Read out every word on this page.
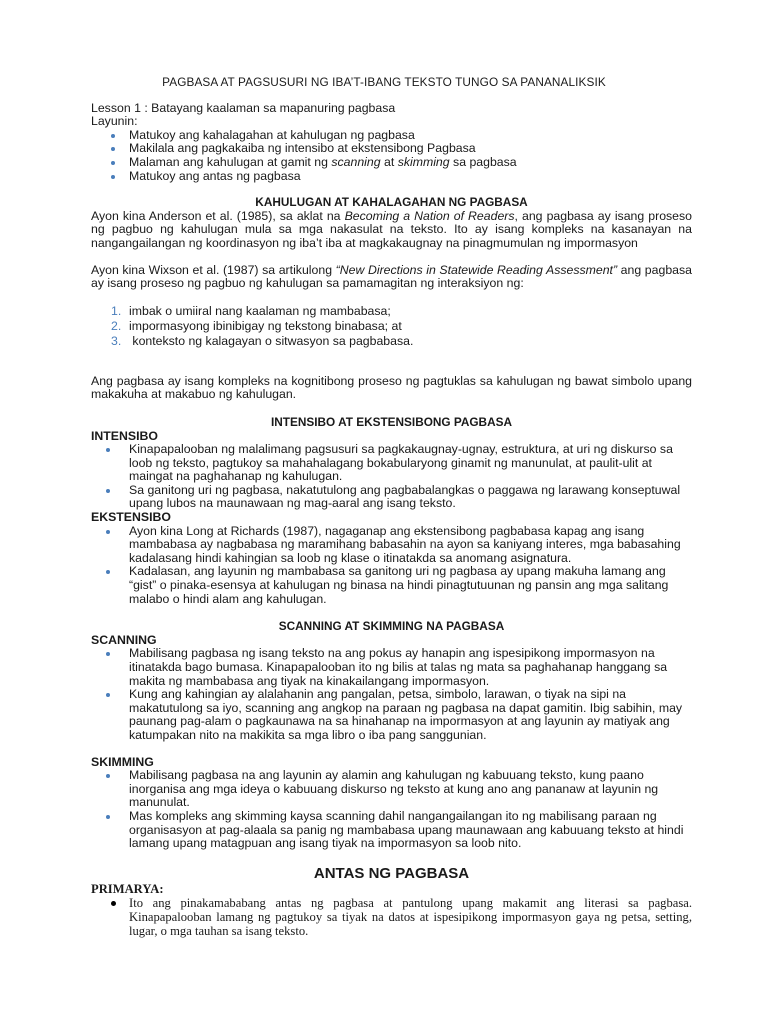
PAGBASA AT PAGSUSURI NG IBA’T-IBANG TEKSTO TUNGO SA PANANALIKSIK

Lesson 1 : Batayang kaalaman sa mapanuring pagbasa

Layunin:

Matukoy ang kahalagahan at kahulugan ng pagbasa
Makilala ang pagkakaiba ng intensibo at ekstensibong Pagbasa
Malaman ang kahulugan at gamit ng scanning at skimming sa pagbasa
Matukoy ang antas ng pagbasa

KAHULUGAN AT KAHALAGAHAN NG PAGBASA

Ayon kina Anderson et al. (1985), sa aklat na Becoming a Nation of Readers, ang pagbasa ay isang proseso ng pagbuo ng kahulugan mula sa mga nakasulat na teksto. Ito ay isang kompleks na kasanayan na nangangailangan ng koordinasyon ng iba’t iba at magkakaugnay na pinagmumulan ng impormasyon

Ayon kina Wixson et al. (1987) sa artikulong “New Directions in Statewide Reading Assessment” ang pagbasa ay isang proseso ng pagbuo ng kahulugan sa pamamagitan ng interaksiyon ng:

1. imbak o umiiral nang kaalaman ng mambabasa;
2. impormasyong ibinibigay ng tekstong binabasa; at
3. konteksto ng kalagayan o sitwasyon sa pagbabasa.

Ang pagbasa ay isang kompleks na kognitibong proseso ng pagtuklas sa kahulugan ng bawat simbolo upang makakuha at makabuo ng kahulugan.

INTENSIBO AT EKSTENSIBONG PAGBASA

INTENSIBO

Kinapapalooban ng malalimang pagsusuri sa pagkakaugnay-ugnay, estruktura, at uri ng diskurso sa loob ng teksto, pagtukoy sa mahahalagang bokabularyong ginamit ng manunulat, at paulit-ulit at maingat na paghahanap ng kahulugan.
Sa ganitong uri ng pagbasa, nakatutulong ang pagbabalangkas o paggawa ng larawang konseptuwal upang lubos na maunawaan ng mag-aaral ang isang teksto.

EKSTENSIBO

Ayon kina Long at Richards (1987), nagaganap ang ekstensibong pagbabasa kapag ang isang mambabasa ay nagbabasa ng maramihang babasahin na ayon sa kaniyang interes, mga babasahing kadalasang hindi kahingian sa loob ng klase o itinatakda sa anomang asignatura.
Kadalasan, ang layunin ng mambabasa sa ganitong uri ng pagbasa ay upang makuha lamang ang “gist” o pinaka-esensya at kahulugan ng binasa na hindi pinagtutuunan ng pansin ang mga salitang malabo o hindi alam ang kahulugan.

SCANNING AT SKIMMING NA PAGBASA

SCANNING

Mabilisang pagbasa ng isang teksto na ang pokus ay hanapin ang ispesipikong impormasyon na itinatakda bago bumasa. Kinapapalooban ito ng bilis at talas ng mata sa paghahanap hanggang sa makita ng mambabasa ang tiyak na kinakailangang impormasyon.
Kung ang kahingian ay alalahanin ang pangalan, petsa, simbolo, larawan, o tiyak na sipi na makatutulong sa iyo, scanning ang angkop na paraan ng pagbasa na dapat gamitin. Ibig sabihin, may paunang pag-alam o pagkaunawa na sa hinahanap na impormasyon at ang layunin ay matiyak ang katumpakan nito na makikita sa mga libro o iba pang sanggunian.

SKIMMING

Mabilisang pagbasa na ang layunin ay alamin ang kahulugan ng kabuuang teksto, kung paano inorganisa ang mga ideya o kabuuang diskurso ng teksto at kung ano ang pananaw at layunin ng manunulat.
Mas kompleks ang skimming kaysa scanning dahil nangangailangan ito ng mabilisang paraan ng organisasyon at pag-alaala sa panig ng mambabasa upang maunawaan ang kabuuang teksto at hindi lamang upang matagpuan ang isang tiyak na impormasyon sa loob nito.

ANTAS NG PAGBASA

PRIMARYA:

Ito ang pinakamababang antas ng pagbasa at pantulong upang makamit ang literasi sa pagbasa. Kinapapalooban lamang ng pagtukoy sa tiyak na datos at ispesipikong impormasyon gaya ng petsa, setting, lugar, o mga tauhan sa isang teksto.
